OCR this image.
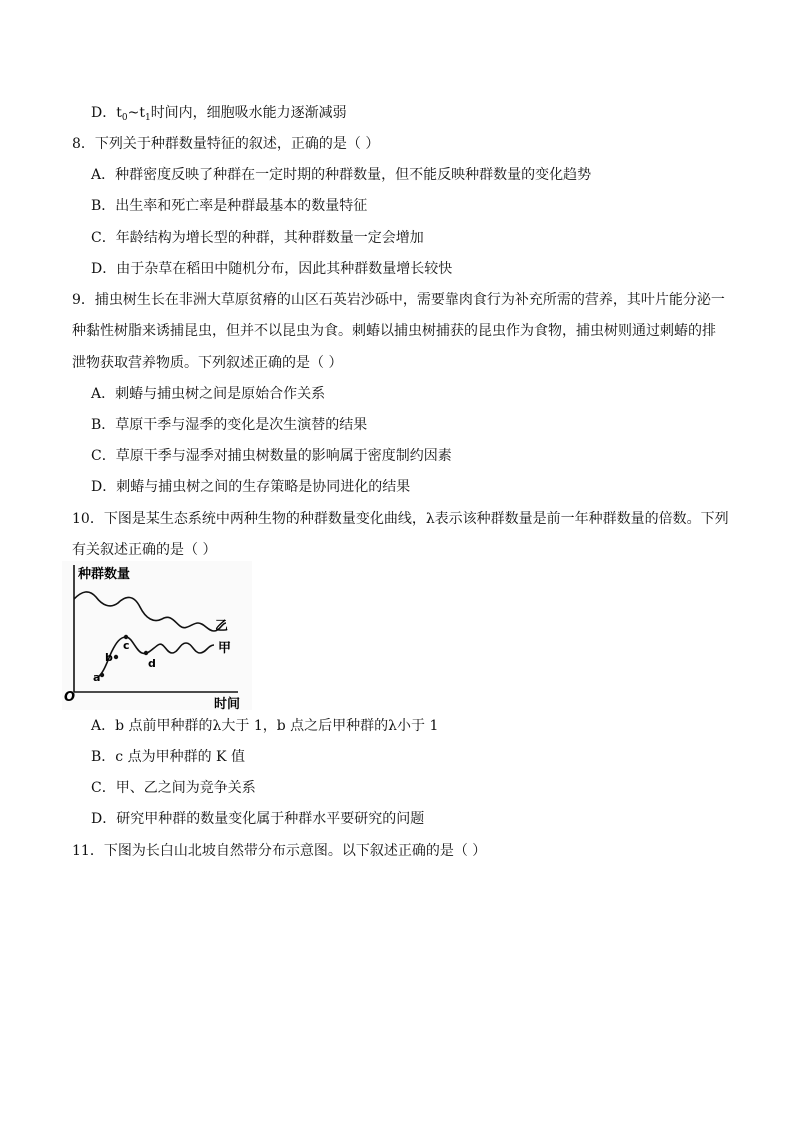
D．$t_0\sim t_1$时间内，细胞吸水能力逐渐减弱
8．下列关于种群数量特征的叙述，正确的是（ ）
A．种群密度反映了种群在一定时期的种群数量，但不能反映种群数量的变化趋势
B．出生率和死亡率是种群最基本的数量特征
C．年龄结构为增长型的种群，其种群数量一定会增加
D．由于杂草在稻田中随机分布，因此其种群数量增长较快
9．捕虫树生长在非洲大草原贫瘠的山区石英岩沙砾中，需要靠肉食行为补充所需的营养，其叶片能分泌一
种黏性树脂来诱捕昆虫，但并不以昆虫为食。刺蝽以捕虫树捕获的昆虫作为食物，捕虫树则通过刺蝽的排
泄物获取营养物质。下列叙述正确的是（ ）
A．刺蝽与捕虫树之间是原始合作关系
B．草原干季与湿季的变化是次生演替的结果
C．草原干季与湿季对捕虫树数量的影响属于密度制约因素
D．刺蝽与捕虫树之间的生存策略是协同进化的结果
10．下图是某生态系统中两种生物的种群数量变化曲线，λ表示该种群数量是前一年种群数量的倍数。下列
有关叙述正确的是（ ）
种群数量
时间
O
乙
甲
a
b
c
d
A．b 点前甲种群的λ大于 1，b 点之后甲种群的λ小于 1
B．c 点为甲种群的 K 值
C．甲、乙之间为竞争关系
D．研究甲种群的数量变化属于种群水平要研究的问题
11．下图为长白山北坡自然带分布示意图。以下叙述正确的是（ ）
